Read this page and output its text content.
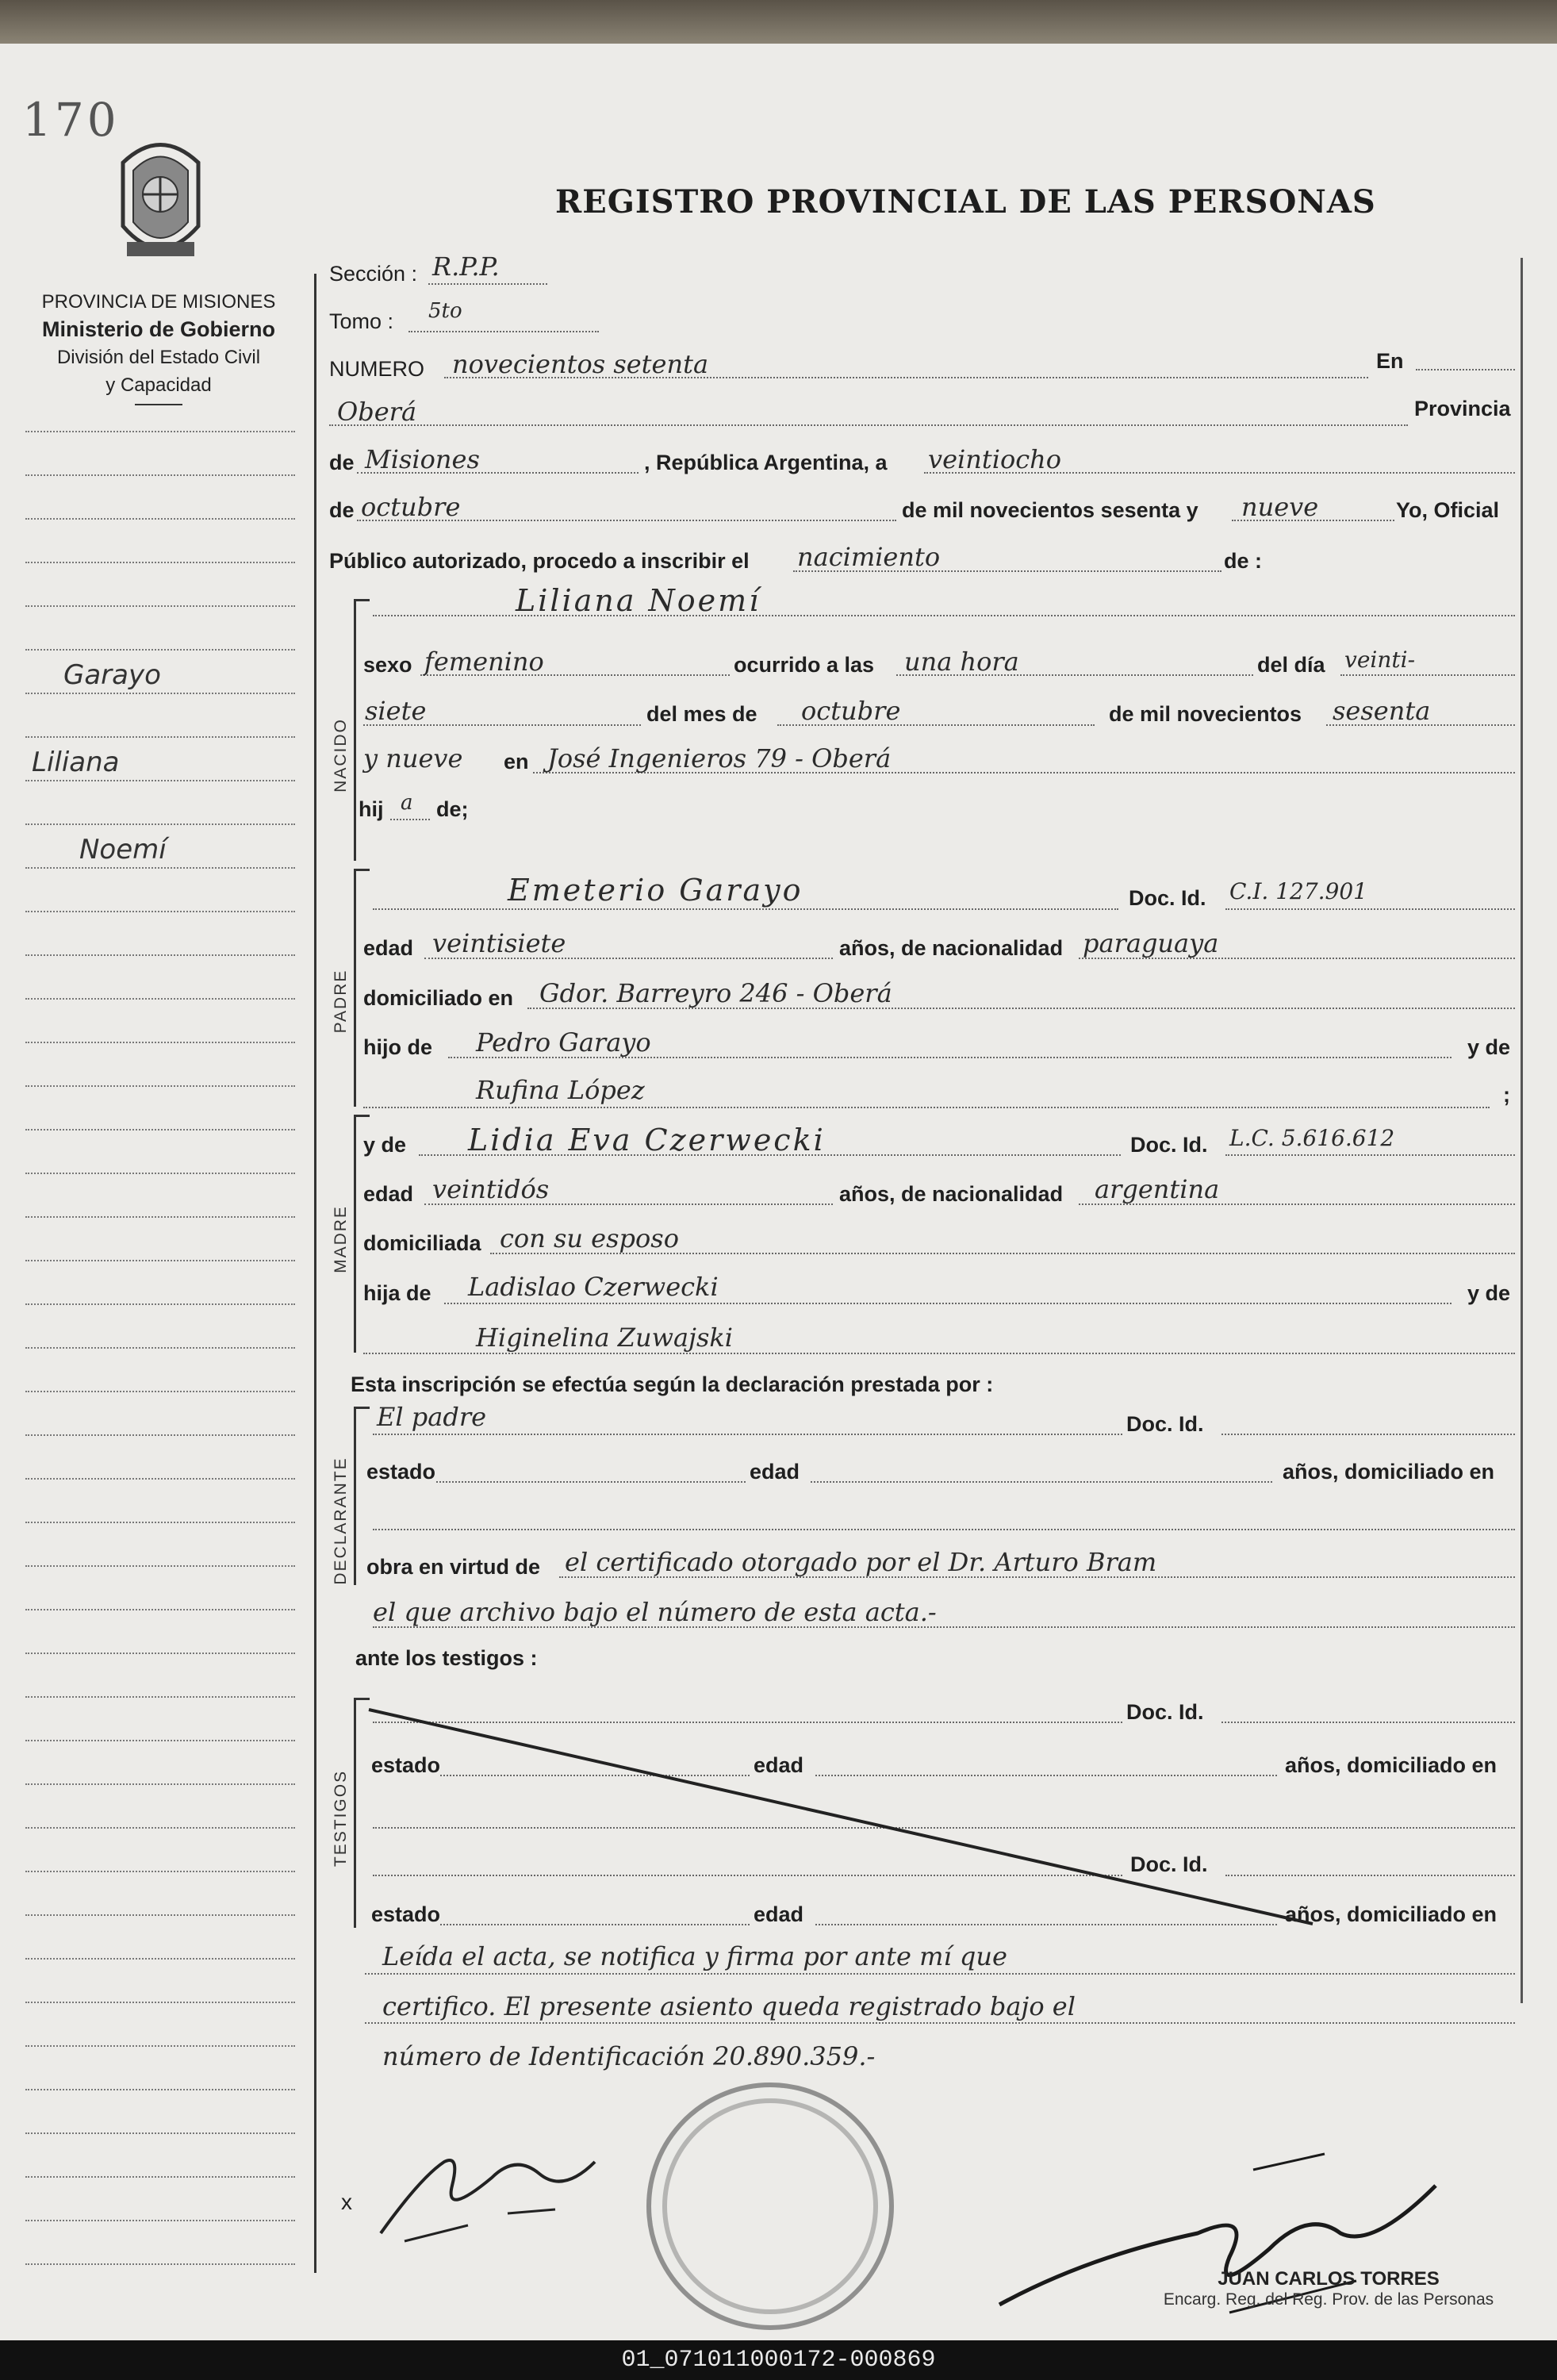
170
PROVINCIA DE MISIONES
Ministerio de Gobierno
División del Estado Civil
y Capacidad
REGISTRO PROVINCIAL DE LAS PERSONAS
Garayo
Liliana
Noemí
Sección : R.P.P.
Tomo : 5to
NUMERO novecientos setenta	En
Oberá	Provincia
de Misiones	, República Argentina, a veintiocho
de octubre	de mil novecientos sesenta y nueve	Yo, Oficial
Público autorizado, procedo a inscribir el nacimiento	de :
NACIDO
Liliana Noemí
sexo femenino	ocurrido a las una hora	del día veinti-
siete	del mes de octubre	de mil novecientos sesenta
y nueve en José Ingenieros 79 - Oberá
hij a de;
PADRE
Emeterio Garayo	Doc. Id. C.I. 127.901
edad veintisiete	años, de nacionalidad paraguaya
domiciliado en Gdor. Barreyro 246 - Oberá
hijo de Pedro Garayo	y de
Rufina López	;
MADRE
y de Lidia Eva Czerwecki	Doc. Id. L.C. 5.616.612
edad veintidós	años, de nacionalidad argentina
domiciliada con su esposo
hija de Ladislao Czerwecki	y de
Higinelina Zuwajski
Esta inscripción se efectúa según la declaración prestada por :
DECLARANTE
El padre	Doc. Id.
estado	edad	años, domiciliado en
obra en virtud de el certificado otorgado por el Dr. Arturo Bram
el que archivo bajo el número de esta acta.-
ante los testigos :
TESTIGOS
Doc. Id.
estado	edad	años, domiciliado en
Doc. Id.
estado	edad	años, domiciliado en
Leída el acta, se notifica y firma por ante mí que
certifico. El presente asiento queda registrado bajo el
número de Identificación 20.890.359.-
x
JUAN CARLOS TORRES
Encarg. Reg. del Reg. Prov. de las Personas
01_071011000172-000869
